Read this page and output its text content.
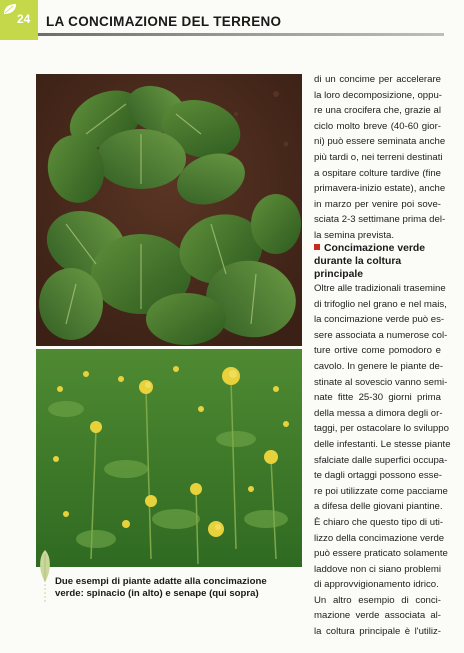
24 LA CONCIMAZIONE DEL TERRENO
Due esempi di piante adatte alla concimazione
verde: spinacio (in alto) e senape (qui sopra)
di un concime per accelerare
la loro decomposizione, oppu-
re una crocifera che, grazie al
ciclo molto breve (40-60 gior-
ni) può essere seminata anche
più tardi o, nei terreni destinati
a ospitare colture tardive (fine
primavera-inizio estate), anche
in marzo per venire poi sove-
sciata 2-3 settimane prima del-
la semina prevista.
Concimazione verde
durante la coltura
principale
Oltre alle tradizionali trasemine
di trifoglio nel grano e nel mais,
la concimazione verde può es-
sere associata a numerose col-
ture ortive come pomodoro e
cavolo. In genere le piante de-
stinate al sovescio vanno semi-
nate fitte 25-30 giorni prima
della messa a dimora degli or-
taggi, per ostacolare lo sviluppo
delle infestanti. Le stesse piante
sfalciate dalle superfici occupa-
te dagli ortaggi possono esse-
re poi utilizzate come pacciame
a difesa delle giovani piantine.
È chiaro che questo tipo di uti-
lizzo della concimazione verde
può essere praticato solamente
laddove non ci siano problemi
di approvvigionamento idrico.
Un altro esempio di conci-
mazione verde associata al-
la coltura principale è l'utiliz-
